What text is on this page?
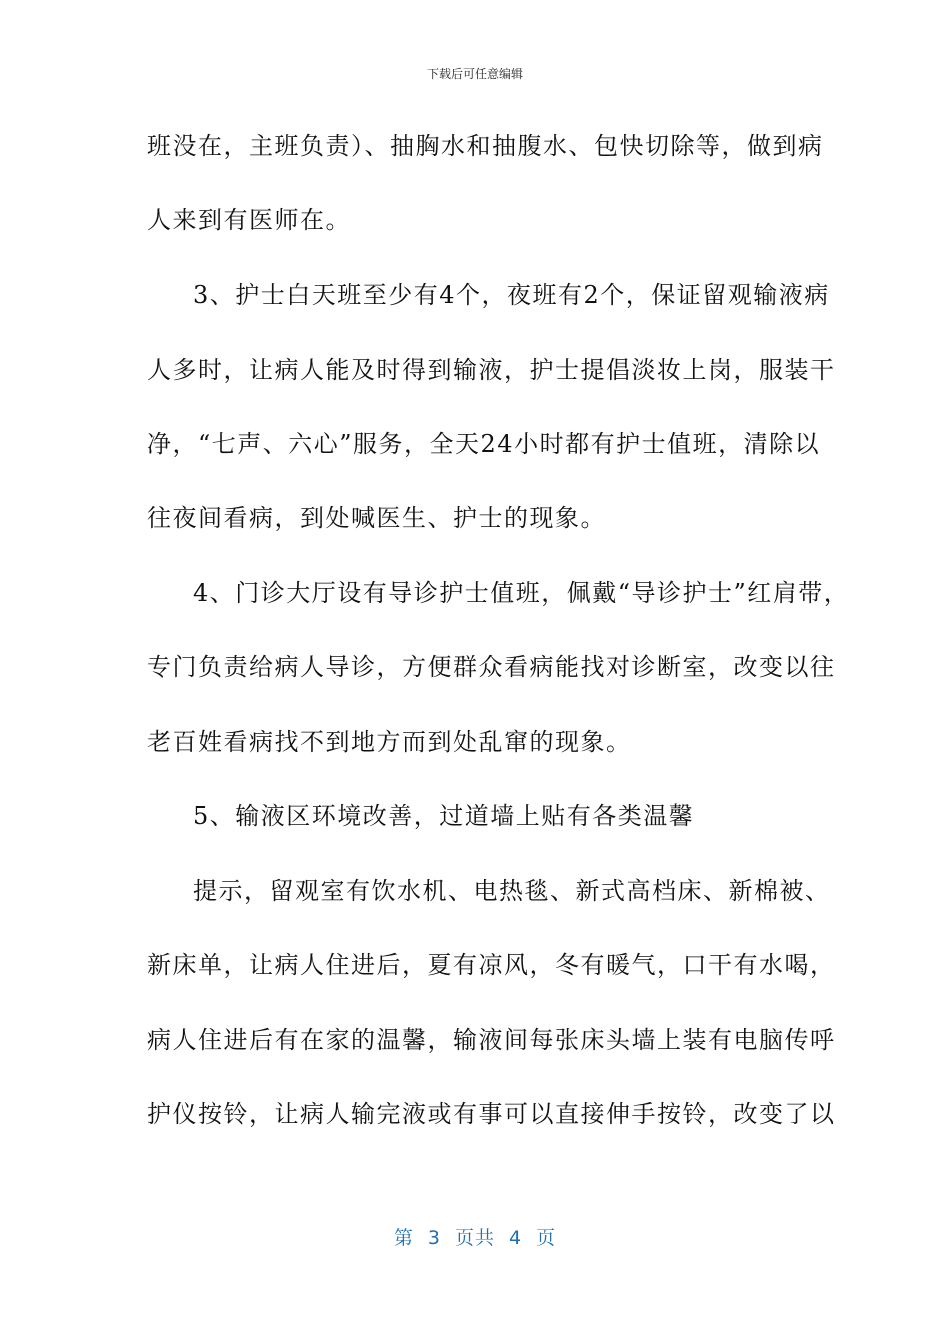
下载后可任意编辑
班没在，主班负责）、抽胸水和抽腹水、包快切除等，做到病
人来到有医师在。
3、护士白天班至少有4个，夜班有2个，保证留观输液病
人多时，让病人能及时得到输液，护士提倡淡妆上岗，服装干
净，“七声、六心”服务，全天24小时都有护士值班，清除以
往夜间看病，到处喊医生、护士的现象。
4、门诊大厅设有导诊护士值班，佩戴“导诊护士”红肩带，
专门负责给病人导诊，方便群众看病能找对诊断室，改变以往
老百姓看病找不到地方而到处乱窜的现象。
5、输液区环境改善，过道墙上贴有各类温馨
提示，留观室有饮水机、电热毯、新式高档床、新棉被、
新床单，让病人住进后，夏有凉风，冬有暖气，口干有水喝，
病人住进后有在家的温馨，输液间每张床头墙上装有电脑传呼
护仪按铃，让病人输完液或有事可以直接伸手按铃，改变了以
第 3 页共 4 页
